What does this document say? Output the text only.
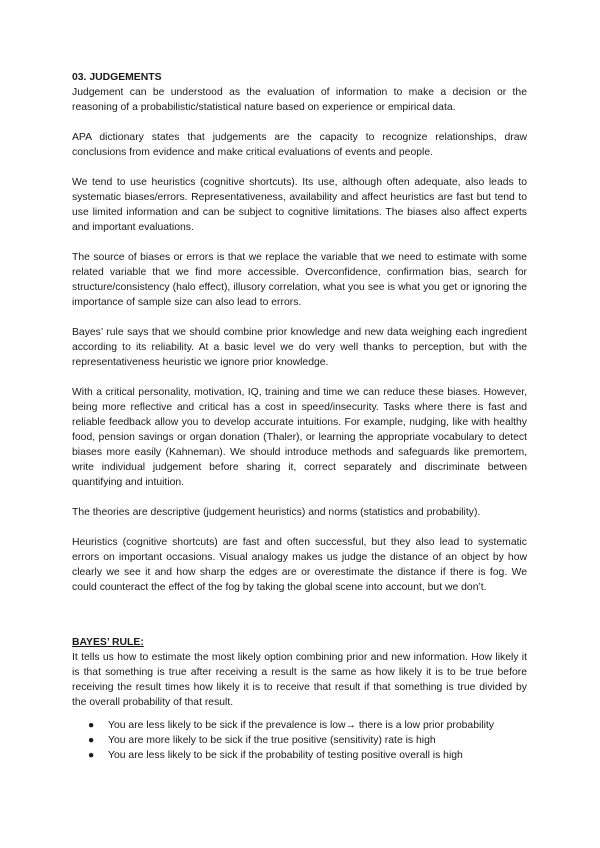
03. JUDGEMENTS

Judgement can be understood as the evaluation of information to make a decision or the reasoning of a probabilistic/statistical nature based on experience or empirical data.

APA dictionary states that judgements are the capacity to recognize relationships, draw conclusions from evidence and make critical evaluations of events and people.

We tend to use heuristics (cognitive shortcuts). Its use, although often adequate, also leads to systematic biases/errors. Representativeness, availability and affect heuristics are fast but tend to use limited information and can be subject to cognitive limitations. The biases also affect experts and important evaluations.

The source of biases or errors is that we replace the variable that we need to estimate with some related variable that we find more accessible. Overconfidence, confirmation bias, search for structure/consistency (halo effect), illusory correlation, what you see is what you get or ignoring the importance of sample size can also lead to errors.

Bayes’ rule says that we should combine prior knowledge and new data weighing each ingredient according to its reliability. At a basic level we do very well thanks to perception, but with the representativeness heuristic we ignore prior knowledge.

With a critical personality, motivation, IQ, training and time we can reduce these biases. However, being more reflective and critical has a cost in speed/insecurity. Tasks where there is fast and reliable feedback allow you to develop accurate intuitions. For example, nudging, like with healthy food, pension savings or organ donation (Thaler), or learning the appropriate vocabulary to detect biases more easily (Kahneman). We should introduce methods and safeguards like premortem, write individual judgement before sharing it, correct separately and discriminate between quantifying and intuition.

The theories are descriptive (judgement heuristics) and norms (statistics and probability).

Heuristics (cognitive shortcuts) are fast and often successful, but they also lead to systematic errors on important occasions. Visual analogy makes us judge the distance of an object by how clearly we see it and how sharp the edges are or overestimate the distance if there is fog. We could counteract the effect of the fog by taking the global scene into account, but we don’t.

BAYES’ RULE:

It tells us how to estimate the most likely option combining prior and new information. How likely it is that something is true after receiving a result is the same as how likely it is to be true before receiving the result times how likely it is to receive that result if that something is true divided by the overall probability of that result.

● You are less likely to be sick if the prevalence is low→ there is a low prior probability
● You are more likely to be sick if the true positive (sensitivity) rate is high
● You are less likely to be sick if the probability of testing positive overall is high
